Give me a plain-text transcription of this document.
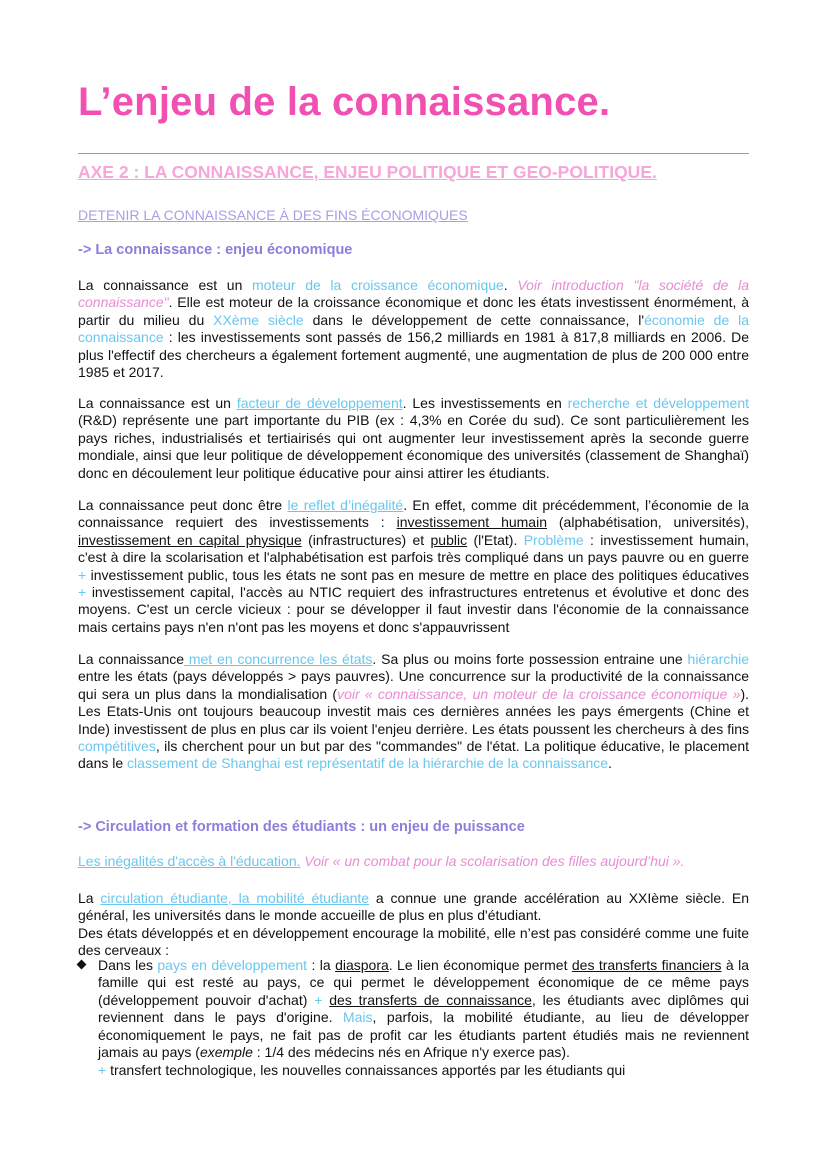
L’enjeu de la connaissance.
AXE 2 : LA CONNAISSANCE, ENJEU POLITIQUE ET GEO-POLITIQUE.
DETENIR LA CONNAISSANCE À DES FINS ÉCONOMIQUES
-> La connaissance : enjeu économique

La connaissance est un moteur de la croissance économique. Voir introduction "la société de la connaissance". Elle est moteur de la croissance économique et donc les états investissent énormément, à partir du milieu du XXème siècle dans le développement de cette connaissance, l'économie de la connaissance : les investissements sont passés de 156,2 milliards en 1981 à 817,8 milliards en 2006. De plus l'effectif des chercheurs a également fortement augmenté, une augmentation de plus de 200 000 entre 1985 et 2017.

La connaissance est un facteur de développement. Les investissements en recherche et développement (R&D) représente une part importante du PIB (ex : 4,3% en Corée du sud). Ce sont particulièrement les pays riches, industrialisés et tertiairisés qui ont augmenter leur investissement après la seconde guerre mondiale, ainsi que leur politique de développement économique des universités (classement de Shanghaï) donc en découlement leur politique éducative pour ainsi attirer les étudiants.

La connaissance peut donc être le reflet d’inégalité. En effet, comme dit précédemment, l’économie de la connaissance requiert des investissements : investissement humain (alphabétisation, universités), investissement en capital physique (infrastructures) et public (l'Etat). Problème : investissement humain, c'est à dire la scolarisation et l'alphabétisation est parfois très compliqué dans un pays pauvre ou en guerre + investissement public, tous les états ne sont pas en mesure de mettre en place des politiques éducatives + investissement capital, l'accès au NTIC requiert des infrastructures entretenus et évolutive et donc des moyens. C'est un cercle vicieux : pour se développer il faut investir dans l'économie de la connaissance mais certains pays n'en n'ont pas les moyens et donc s'appauvrissent

La connaissance met en concurrence les états. Sa plus ou moins forte possession entraine une hiérarchie entre les états (pays développés > pays pauvres). Une concurrence sur la productivité de la connaissance qui sera un plus dans la mondialisation (voir « connaissance, un moteur de la croissance économique »). Les Etats-Unis ont toujours beaucoup investit mais ces dernières années les pays émergents (Chine et Inde) investissent de plus en plus car ils voient l'enjeu derrière. Les états poussent les chercheurs à des fins compétitives, ils cherchent pour un but par des "commandes" de l'état. La politique éducative, le placement dans le classement de Shanghai est représentatif de la hiérarchie de la connaissance.

-> Circulation et formation des étudiants : un enjeu de puissance
Les inégalités d'accès à l'éducation. Voir « un combat pour la scolarisation des filles aujourd’hui ».

La circulation étudiante, la mobilité étudiante a connue une grande accélération au XXIème siècle. En général, les universités dans le monde accueille de plus en plus d'étudiant.
Des états développés et en développement encourage la mobilité, elle n’est pas considéré comme une fuite des cerveaux :

Dans les pays en développement : la diaspora. Le lien économique permet des transferts financiers à la famille qui est resté au pays, ce qui permet le développement économique de ce même pays (développement pouvoir d'achat) + des transferts de connaissance, les étudiants avec diplômes qui reviennent dans le pays d'origine. Mais, parfois, la mobilité étudiante, au lieu de développer économiquement le pays, ne fait pas de profit car les étudiants partent étudiés mais ne reviennent jamais au pays (exemple : 1/4 des médecins nés en Afrique n'y exerce pas).

+ transfert technologique, les nouvelles connaissances apportés par les étudiants qui
